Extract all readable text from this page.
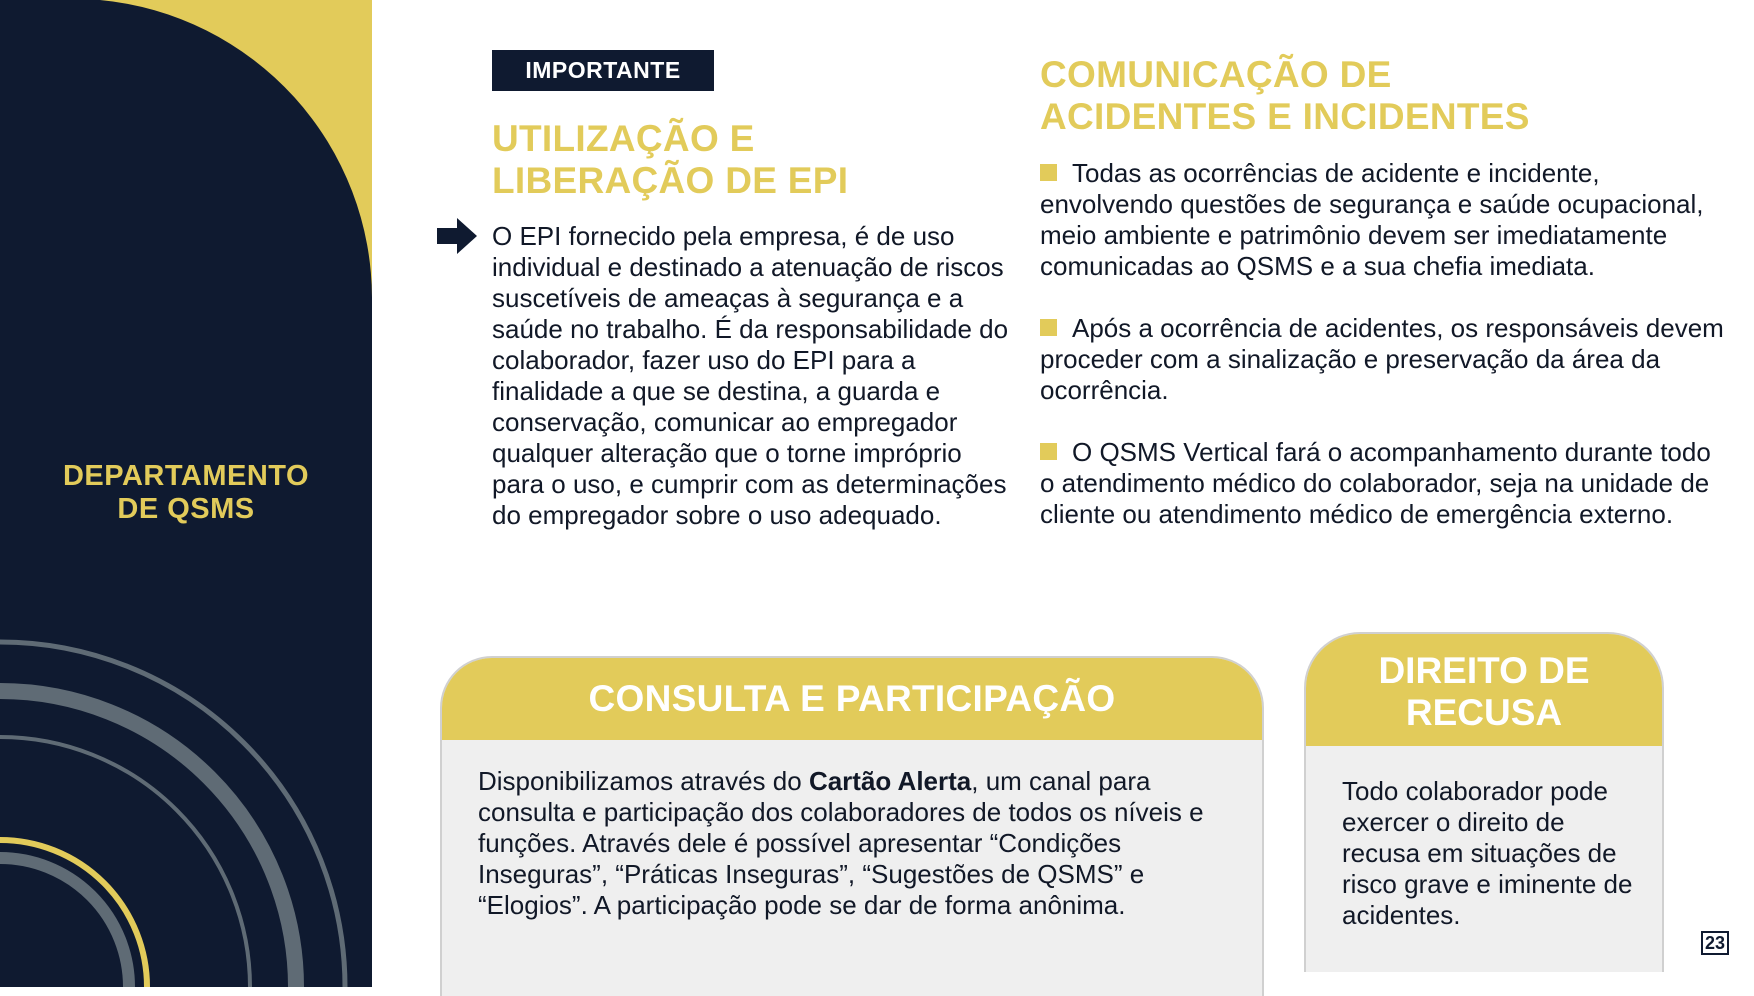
DEPARTAMENTO
DE QSMS
IMPORTANTE
UTILIZAÇÃO E
LIBERAÇÃO DE EPI

O EPI fornecido pela empresa, é de uso individual e destinado a atenuação de riscos suscetíveis de ameaças à segurança e a saúde no trabalho. É da responsabilidade do colaborador, fazer uso do EPI para a finalidade a que se destina, a guarda e conservação, comunicar ao empregador qualquer alteração que o torne impróprio para o uso, e cumprir com as determinações do empregador sobre o uso adequado.

COMUNICAÇÃO DE
ACIDENTES E INCIDENTES
Todas as ocorrências de acidente e incidente, envolvendo questões de segurança e saúde ocupacional, meio ambiente e patrimônio devem ser imediatamente comunicadas ao QSMS e a sua chefia imediata.
Após a ocorrência de acidentes, os responsáveis devem proceder com a sinalização e preservação da área da ocorrência.
O QSMS Vertical fará o acompanhamento durante todo o atendimento médico do colaborador, seja na unidade de cliente ou atendimento médico de emergência externo.
CONSULTA E PARTICIPAÇÃO

Disponibilizamos através do Cartão Alerta, um canal para consulta e participação dos colaboradores de todos os níveis e funções. Através dele é possível apresentar “Condições Inseguras”, “Práticas Inseguras”, “Sugestões de QSMS” e “Elogios”. A participação pode se dar de forma anônima.

DIREITO DE
RECUSA

Todo colaborador pode exercer o direito de recusa em situações de risco grave e iminente de acidentes.

23
